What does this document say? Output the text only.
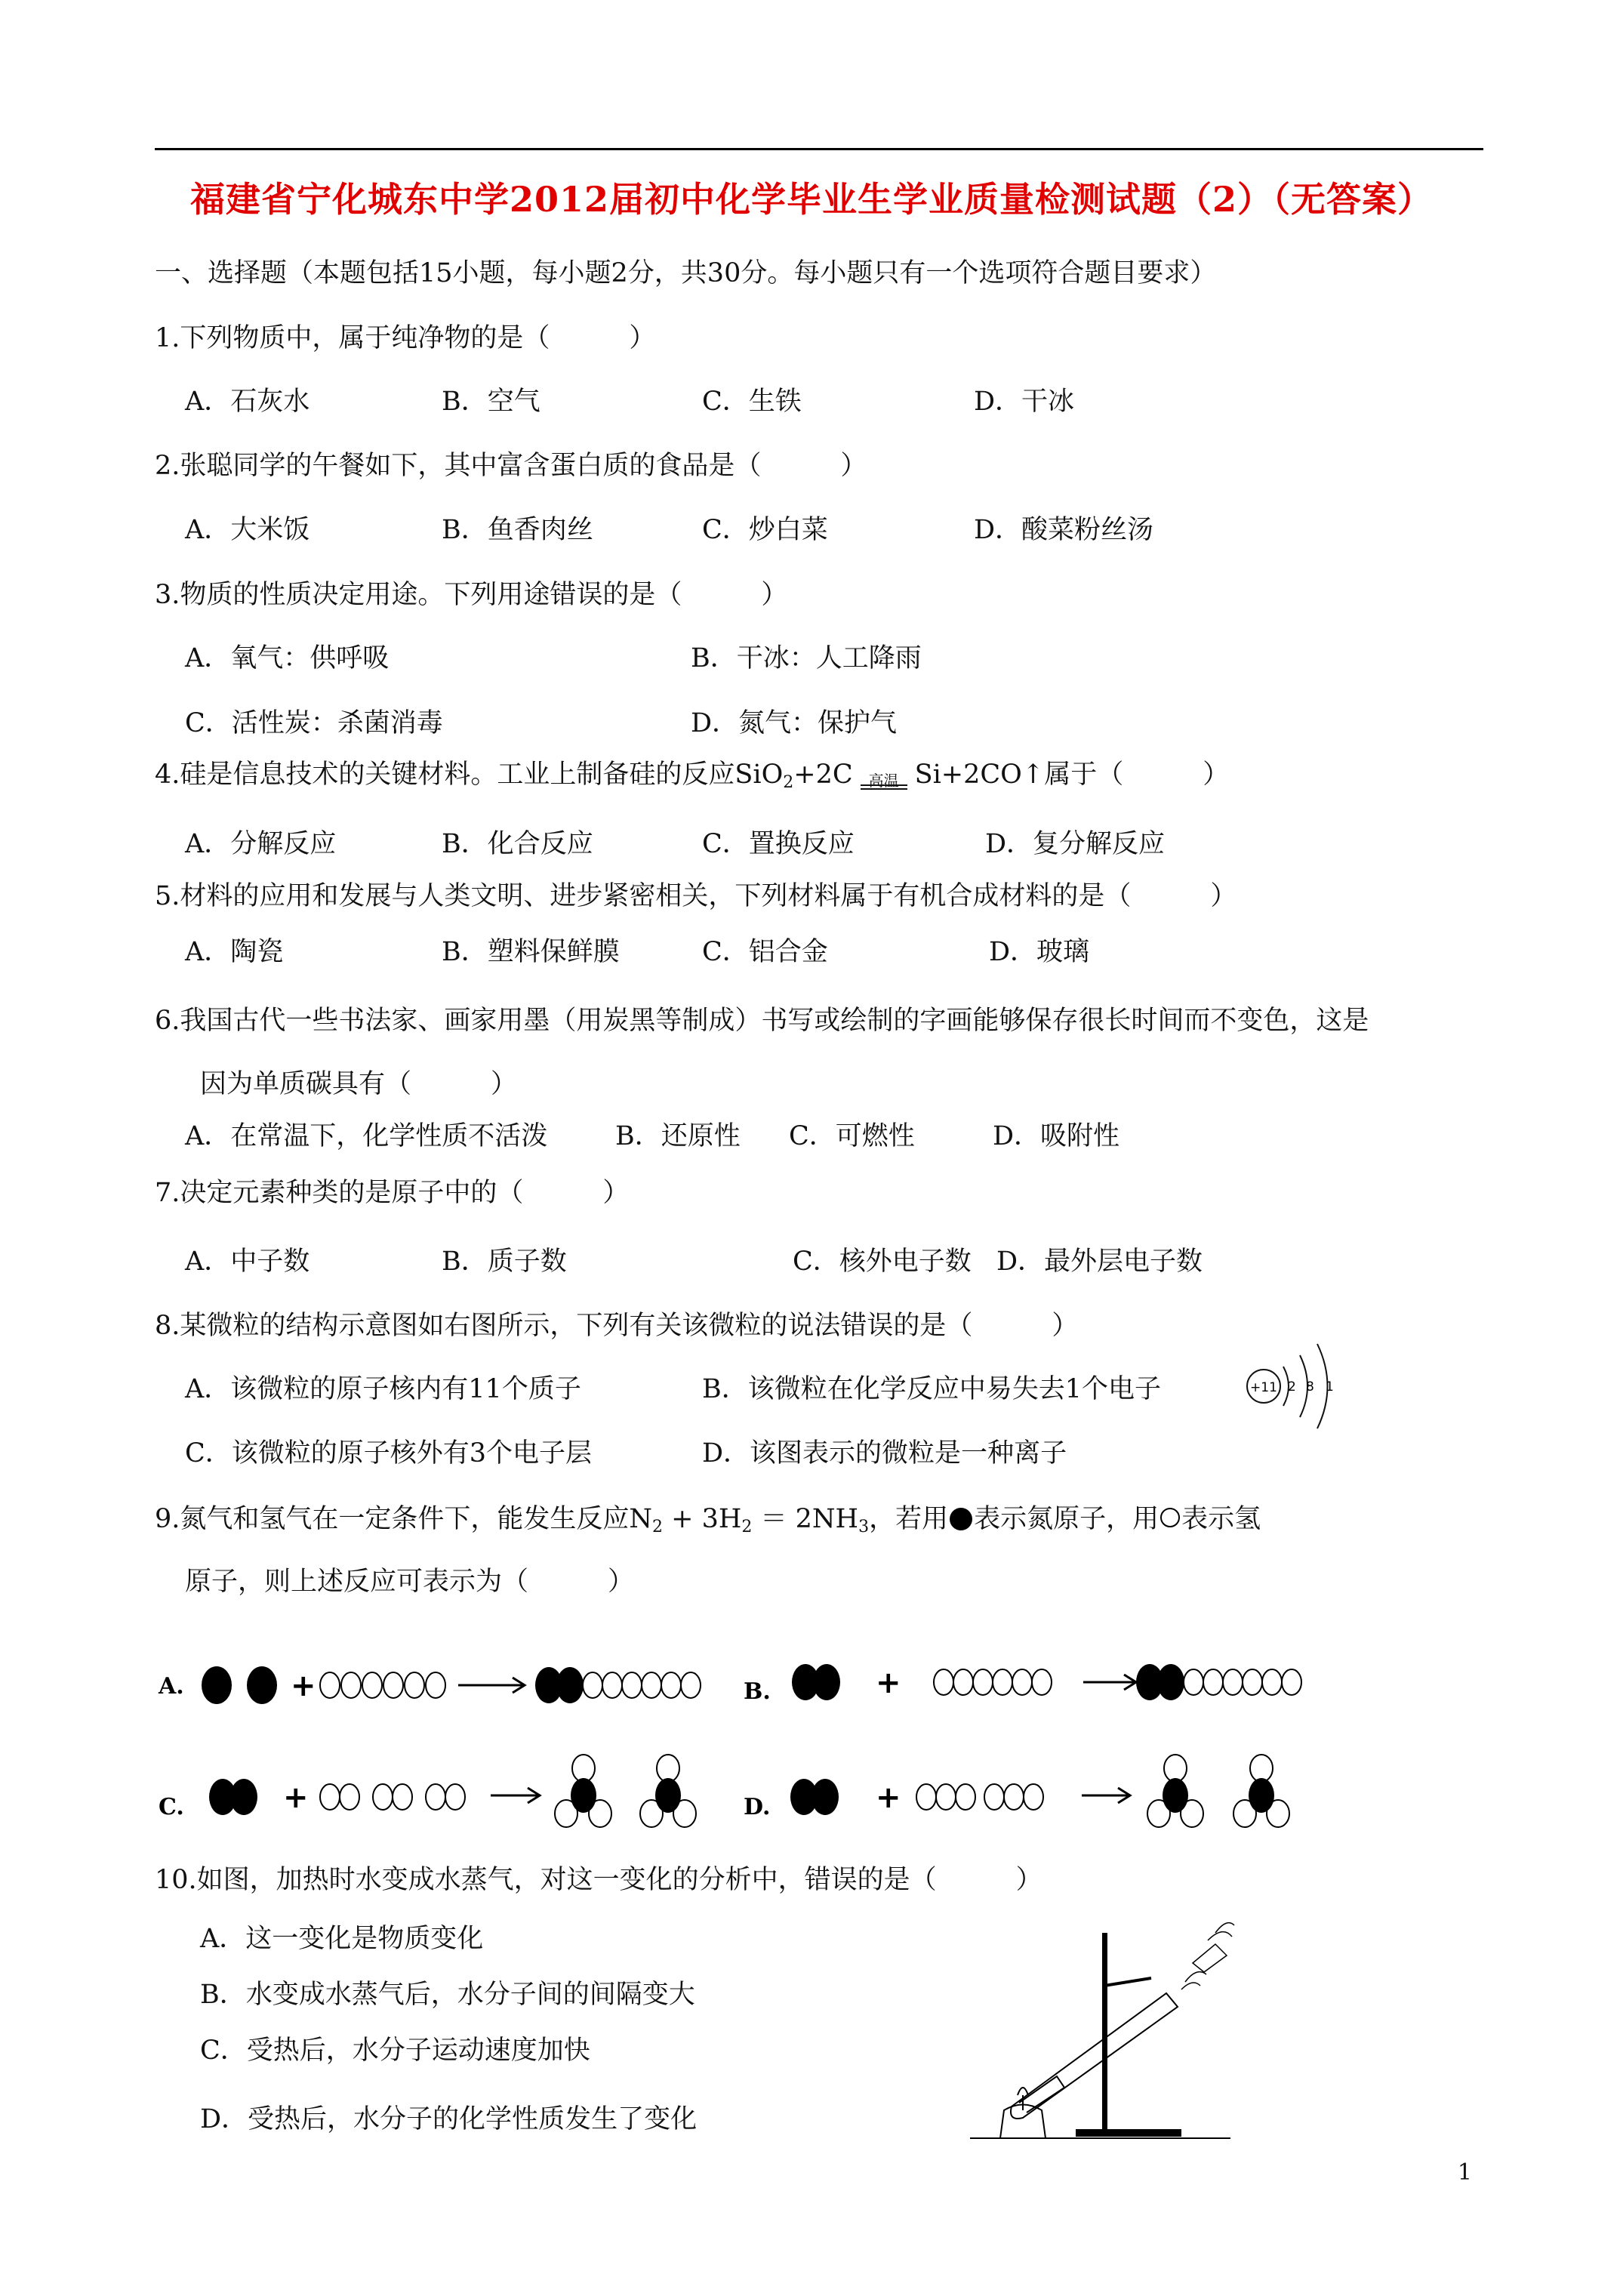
福建省宁化城东中学2012届初中化学毕业生学业质量检测试题（2）（无答案）
一、选择题（本题包括15小题，每小题2分，共30分。每小题只有一个选项符合题目要求）
1.下列物质中，属于纯净物的是（　　　）
A．石灰水	B．空气	C．生铁	D．干冰
2.张聪同学的午餐如下，其中富含蛋白质的食品是（　　　）
A．大米饭	B．鱼香肉丝	C．炒白菜	D．酸菜粉丝汤
3.物质的性质决定用途。下列用途错误的是（　　　）
A．氧气：供呼吸	B．干冰：人工降雨
C．活性炭：杀菌消毒	D．氮气：保护气
4.硅是信息技术的关键材料。工业上制备硅的反应SiO$_2$+2C 高温 Si+2CO↑属于（　　　）
A．分解反应	B．化合反应	C．置换反应	D．复分解反应
5.材料的应用和发展与人类文明、进步紧密相关，下列材料属于有机合成材料的是（　　　）
A．陶瓷	B．塑料保鲜膜	C．铝合金	D．玻璃
6.我国古代一些书法家、画家用墨（用炭黑等制成）书写或绘制的字画能够保存很长时间而不变色，这是
因为单质碳具有（　　　）
A．在常温下，化学性质不活泼	B．还原性 C．可燃性	D．吸附性
7.决定元素种类的是原子中的（　　　）
A．中子数	B．质子数	C．核外电子数 D．最外层电子数
8.某微粒的结构示意图如右图所示，下列有关该微粒的说法错误的是（　　　）
A．该微粒的原子核内有11个质子	B．该微粒在化学反应中易失去1个电子
C．该微粒的原子核外有3个电子层	D．该图表示的微粒是一种离子
+11 2 8 1
9.氮气和氢气在一定条件下，能发生反应$N_2 + 3H_2 = 2NH_3$，若用 表示氮原子，用 表示氢
原子，则上述反应可表示为（　　　）
A.	+	B.	+
C.	+	D.	+
10.如图，加热时水变成水蒸气，对这一变化的分析中，错误的是（　　　）
A．这一变化是物质变化
B．水变成水蒸气后，水分子间的间隔变大
C．受热后，水分子运动速度加快
D．受热后，水分子的化学性质发生了变化
1
